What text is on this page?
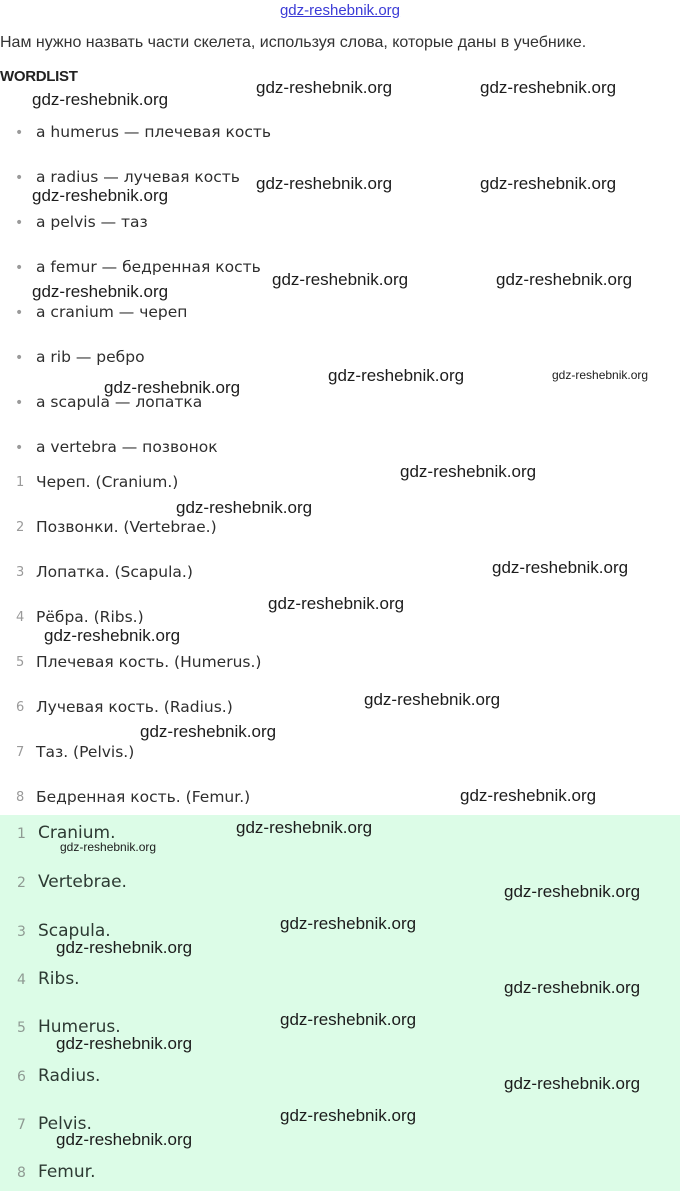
gdz-reshebnik.org
Нам нужно назвать части скелета, используя слова, которые даны в учебнике.
WORDLIST
• a humerus — плечевая кость
• a radius — лучевая кость
• a pelvis — таз
• a femur — бедренная кость
• a cranium — череп
• a rib — ребро
• a scapula — лопатка
• a vertebra — позвонок
1 Череп. (Cranium.)
2 Позвонки. (Vertebrae.)
3 Лопатка. (Scapula.)
4 Рёбра. (Ribs.)
5 Плечевая кость. (Humerus.)
6 Лучевая кость. (Radius.)
7 Таз. (Pelvis.)
8 Бедренная кость. (Femur.)
1 Cranium.
2 Vertebrae.
3 Scapula.
4 Ribs.
5 Humerus.
6 Radius.
7 Pelvis.
8 Femur.
gdz-reshebnik.org
gdz-reshebnik.org	gdz-reshebnik.org
gdz-reshebnik.org
gdz-reshebnik.org	gdz-reshebnik.org
gdz-reshebnik.org
gdz-reshebnik.org	gdz-reshebnik.org
gdz-reshebnik.org
gdz-reshebnik.org	gdz-reshebnik.org
gdz-reshebnik.org
gdz-reshebnik.org
gdz-reshebnik.org
gdz-reshebnik.org
gdz-reshebnik.org
gdz-reshebnik.org
gdz-reshebnik.org
gdz-reshebnik.org
gdz-reshebnik.org
gdz-reshebnik.org
gdz-reshebnik.org
gdz-reshebnik.org
gdz-reshebnik.org
gdz-reshebnik.org
gdz-reshebnik.org
gdz-reshebnik.org
gdz-reshebnik.org
gdz-reshebnik.org
gdz-reshebnik.org
